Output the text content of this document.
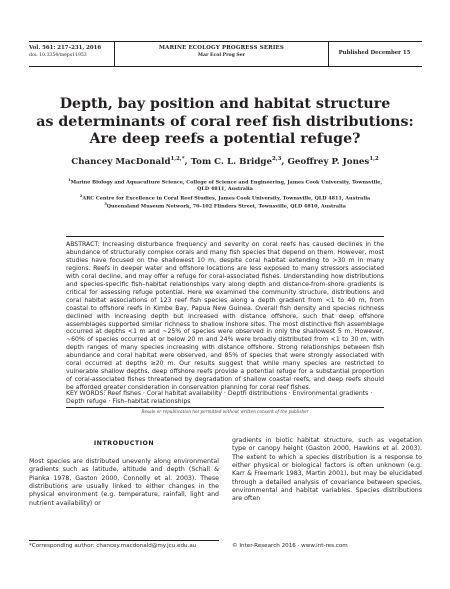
Vol. 561: 217–231, 2016
doi: 10.3354/meps11953
MARINE ECOLOGY PROGRESS SERIES
Mar Ecol Prog Ser	Published December 15
Depth, bay position and habitat structure
as determinants of coral reef fish distributions:
Are deep reefs a potential refuge?
Chancey MacDonald$^{1,2,*}$, Tom C. L. Bridge$^{2,3}$, Geoffrey P. Jones$^{1,2}$
$^1$Marine Biology and Aquaculture Science, College of Science and Engineering, James Cook University, Townsville,
QLD 4811, Australia
$^2$ARC Centre for Excellence in Coral Reef Studies, James Cook University, Townsville, QLD 4811, Australia
$^3$Queensland Museum Network, 70–102 Flinders Street, Townsville, QLD 4810, Australia
ABSTRACT: Increasing disturbance frequency and severity on coral reefs has caused declines in the abundance of structurally complex corals and many fish species that depend on them. However, most studies have focused on the shallowest 10 m, despite coral habitat extending to >30 m in many regions. Reefs in deeper water and offshore locations are less exposed to many stressors associated with coral decline, and may offer a refuge for coral-associated fishes. Understanding how distributions and species-specific fish–habitat relationships vary along depth and distance-from-shore gradients is critical for assessing refuge potential. Here we examined the community structure, distributions and coral habitat associations of 123 reef fish species along a depth gradient from <1 to 40 m, from coastal to offshore reefs in Kimbe Bay, Papua New Guinea. Overall fish density and species richness declined with increasing depth but increased with distance offshore, such that deep offshore assemblages supported similar richness to shallow inshore sites. The most distinctive fish assemblage occurred at depths <1 m and ~25% of species were observed in only the shallowest 5 m. However, ~60% of species occurred at or below 20 m and 24% were broadly distributed from <1 to 30 m, with depth ranges of many species increasing with distance offshore. Strong relationships between fish abundance and coral habitat were observed, and 85% of species that were strongly associated with coral occurred at depths ≥20 m. Our results suggest that while many species are restricted to vulnerable shallow depths, deep offshore reefs provide a potential refuge for a substantial proportion of coral-associated fishes threatened by degradation of shallow coastal reefs, and deep reefs should be afforded greater consideration in conservation planning for coral reef fishes.
KEY WORDS: Reef fishes · Coral habitat availability · Depth distributions · Environmental gradients · Depth refuge · Fish–habitat relationships
Resale or republication not permitted without written consent of the publisher
INTRODUCTION
Most species are distributed unevenly along environmental gradients such as latitude, altitude and depth (Schall & Pianka 1978, Gaston 2000, Connolly et al. 2003). These distributions are usually linked to either changes in the physical environment (e.g. temperature, rainfall, light and nutrient availability) or
gradients in biotic habitat structure, such as vegetation type or canopy height (Gaston 2000, Hawkins et al. 2003). The extent to which a species distribution is a response to either physical or biological factors is often unknown (e.g. Karr & Freemark 1983, Martin 2001), but may be elucidated through a detailed analysis of covariance between species, environmental and habitat variables. Species distributions are often
*Corresponding author: chancey.macdonald@my.jcu.edu.au	© Inter-Research 2016 · www.int-res.com
